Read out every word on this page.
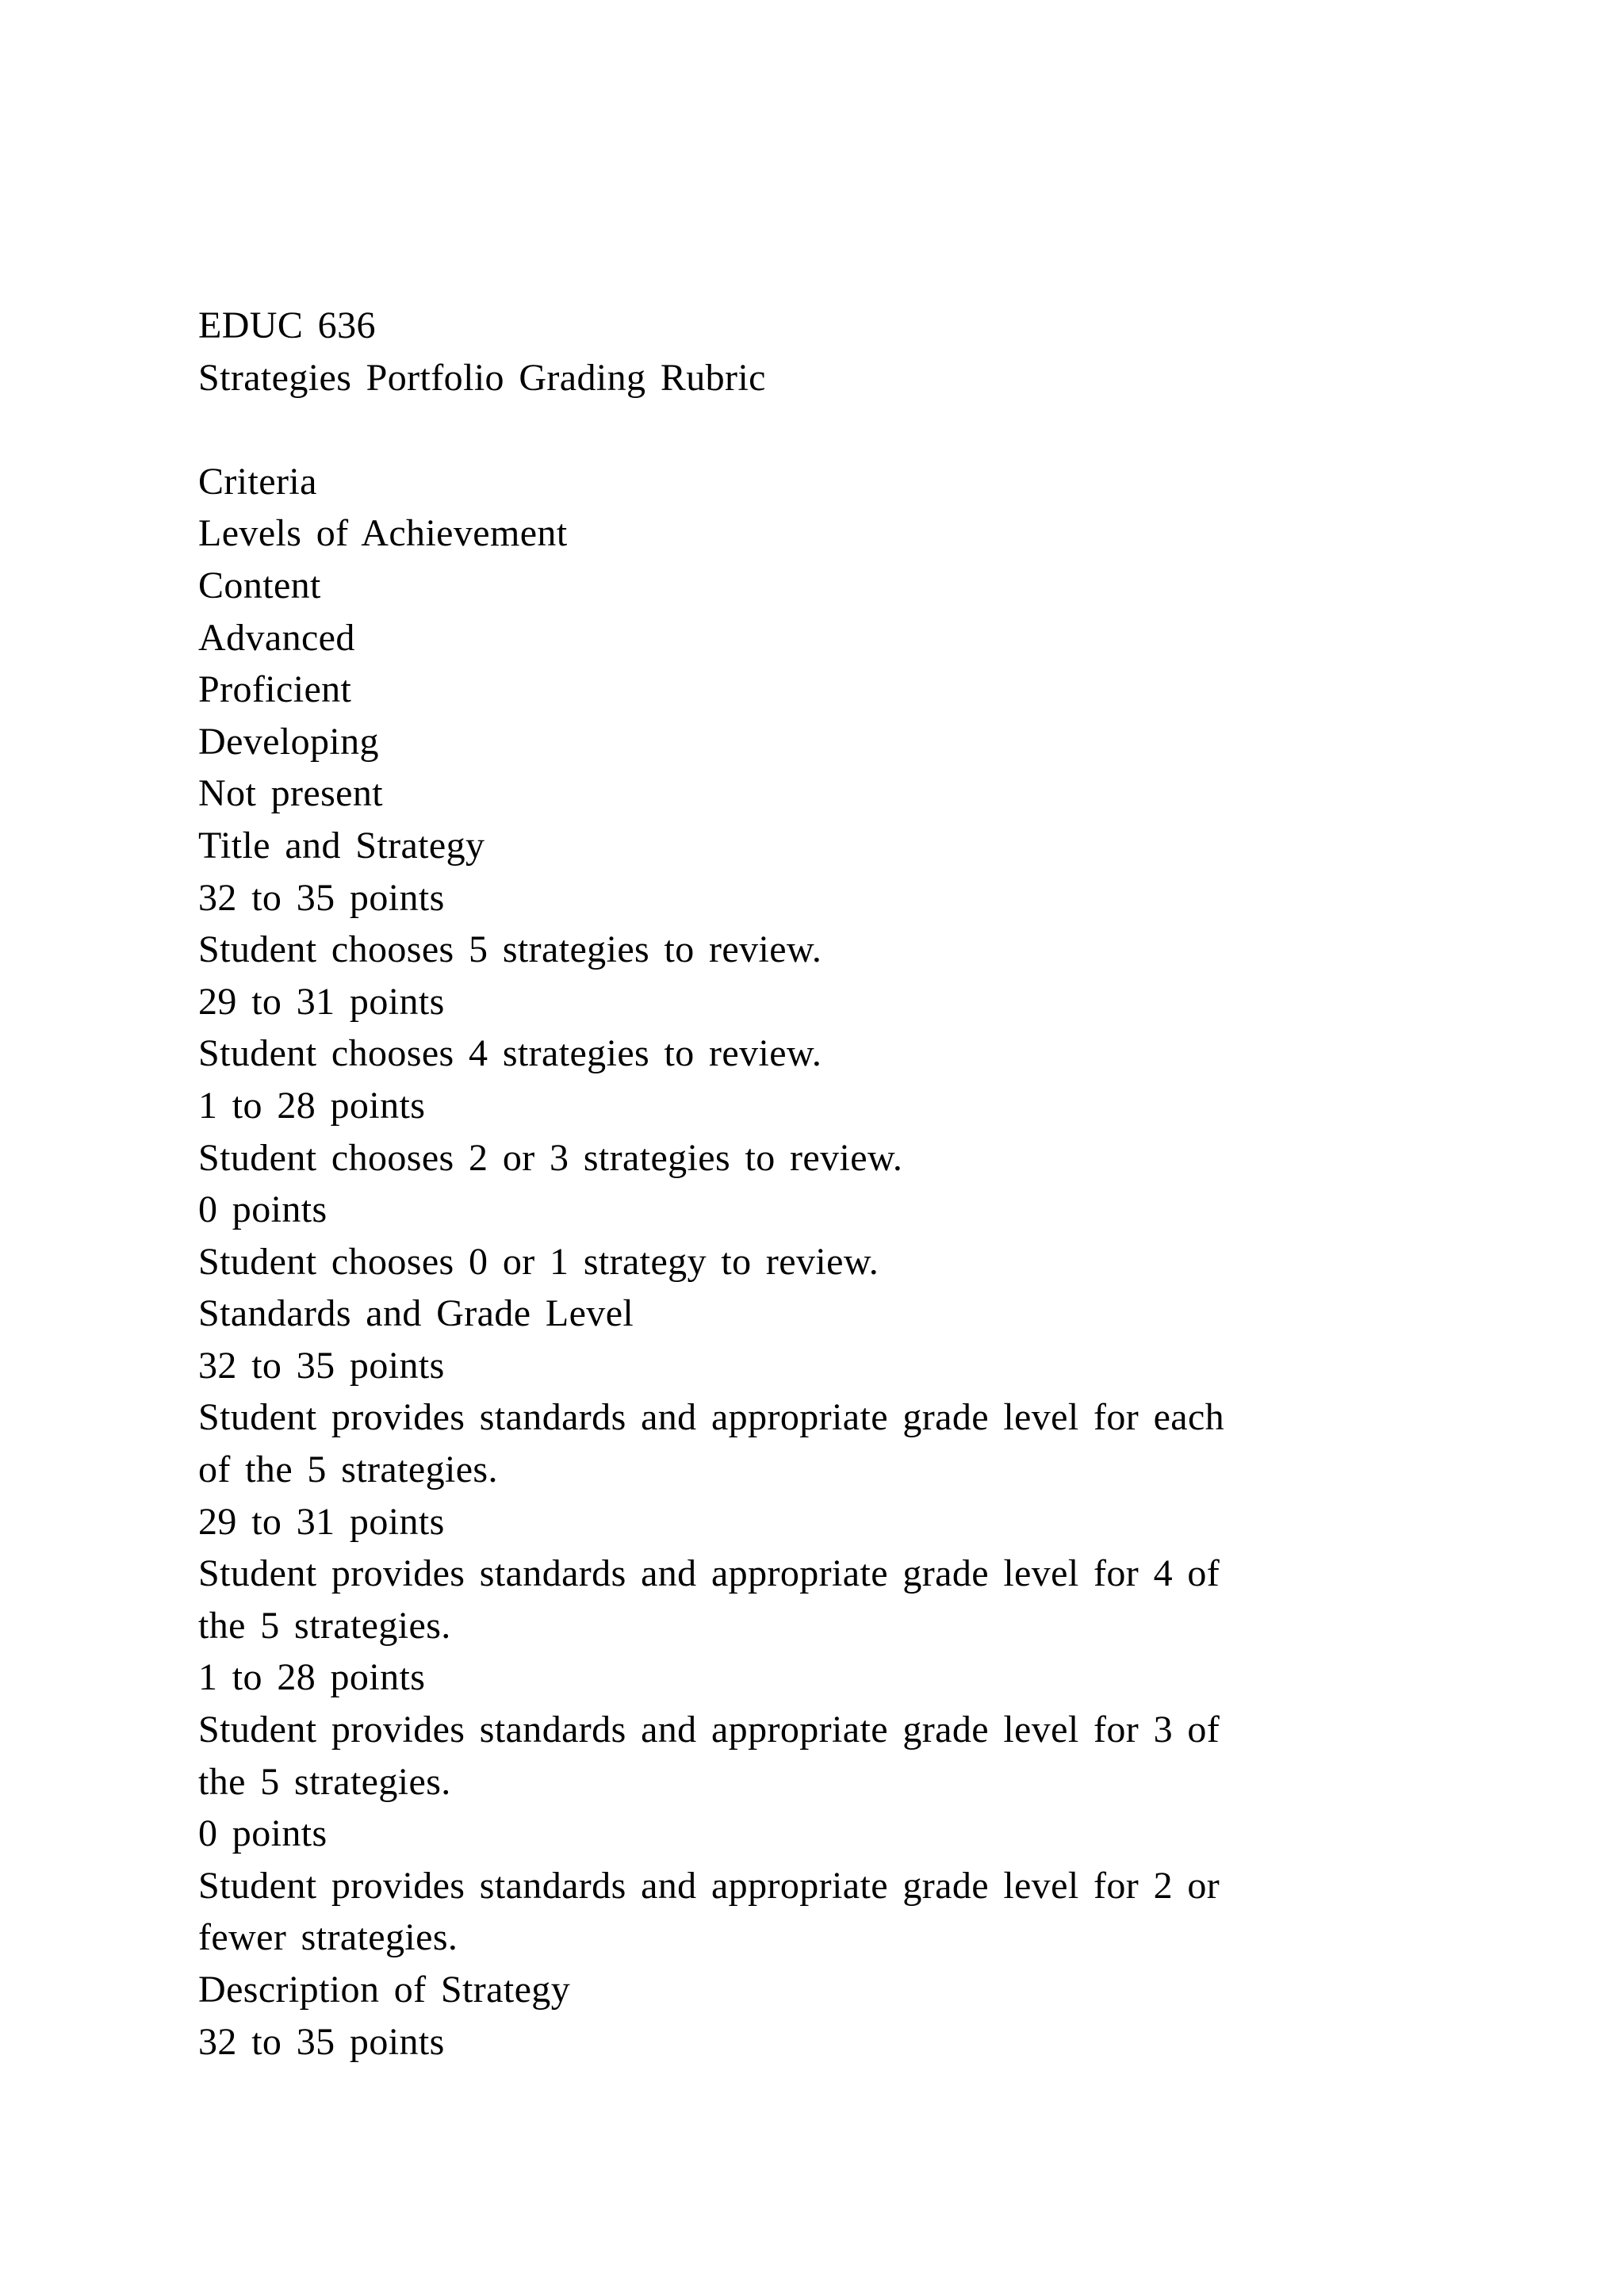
EDUC 636
Strategies Portfolio Grading Rubric
Criteria
Levels of Achievement
Content
Advanced
Proficient
Developing
Not present
Title and Strategy
32 to 35 points
Student chooses 5 strategies to review.
29 to 31 points
Student chooses 4 strategies to review.
1 to 28 points
Student chooses 2 or 3 strategies to review.
0 points
Student chooses 0 or 1 strategy to review.
Standards and Grade Level
32 to 35 points
Student provides standards and appropriate grade level for each
of the 5 strategies.
29 to 31 points
Student provides standards and appropriate grade level for 4 of
the 5 strategies.
1 to 28 points
Student provides standards and appropriate grade level for 3 of
the 5 strategies.
0 points
Student provides standards and appropriate grade level for 2 or
fewer strategies.
Description of Strategy
32 to 35 points
